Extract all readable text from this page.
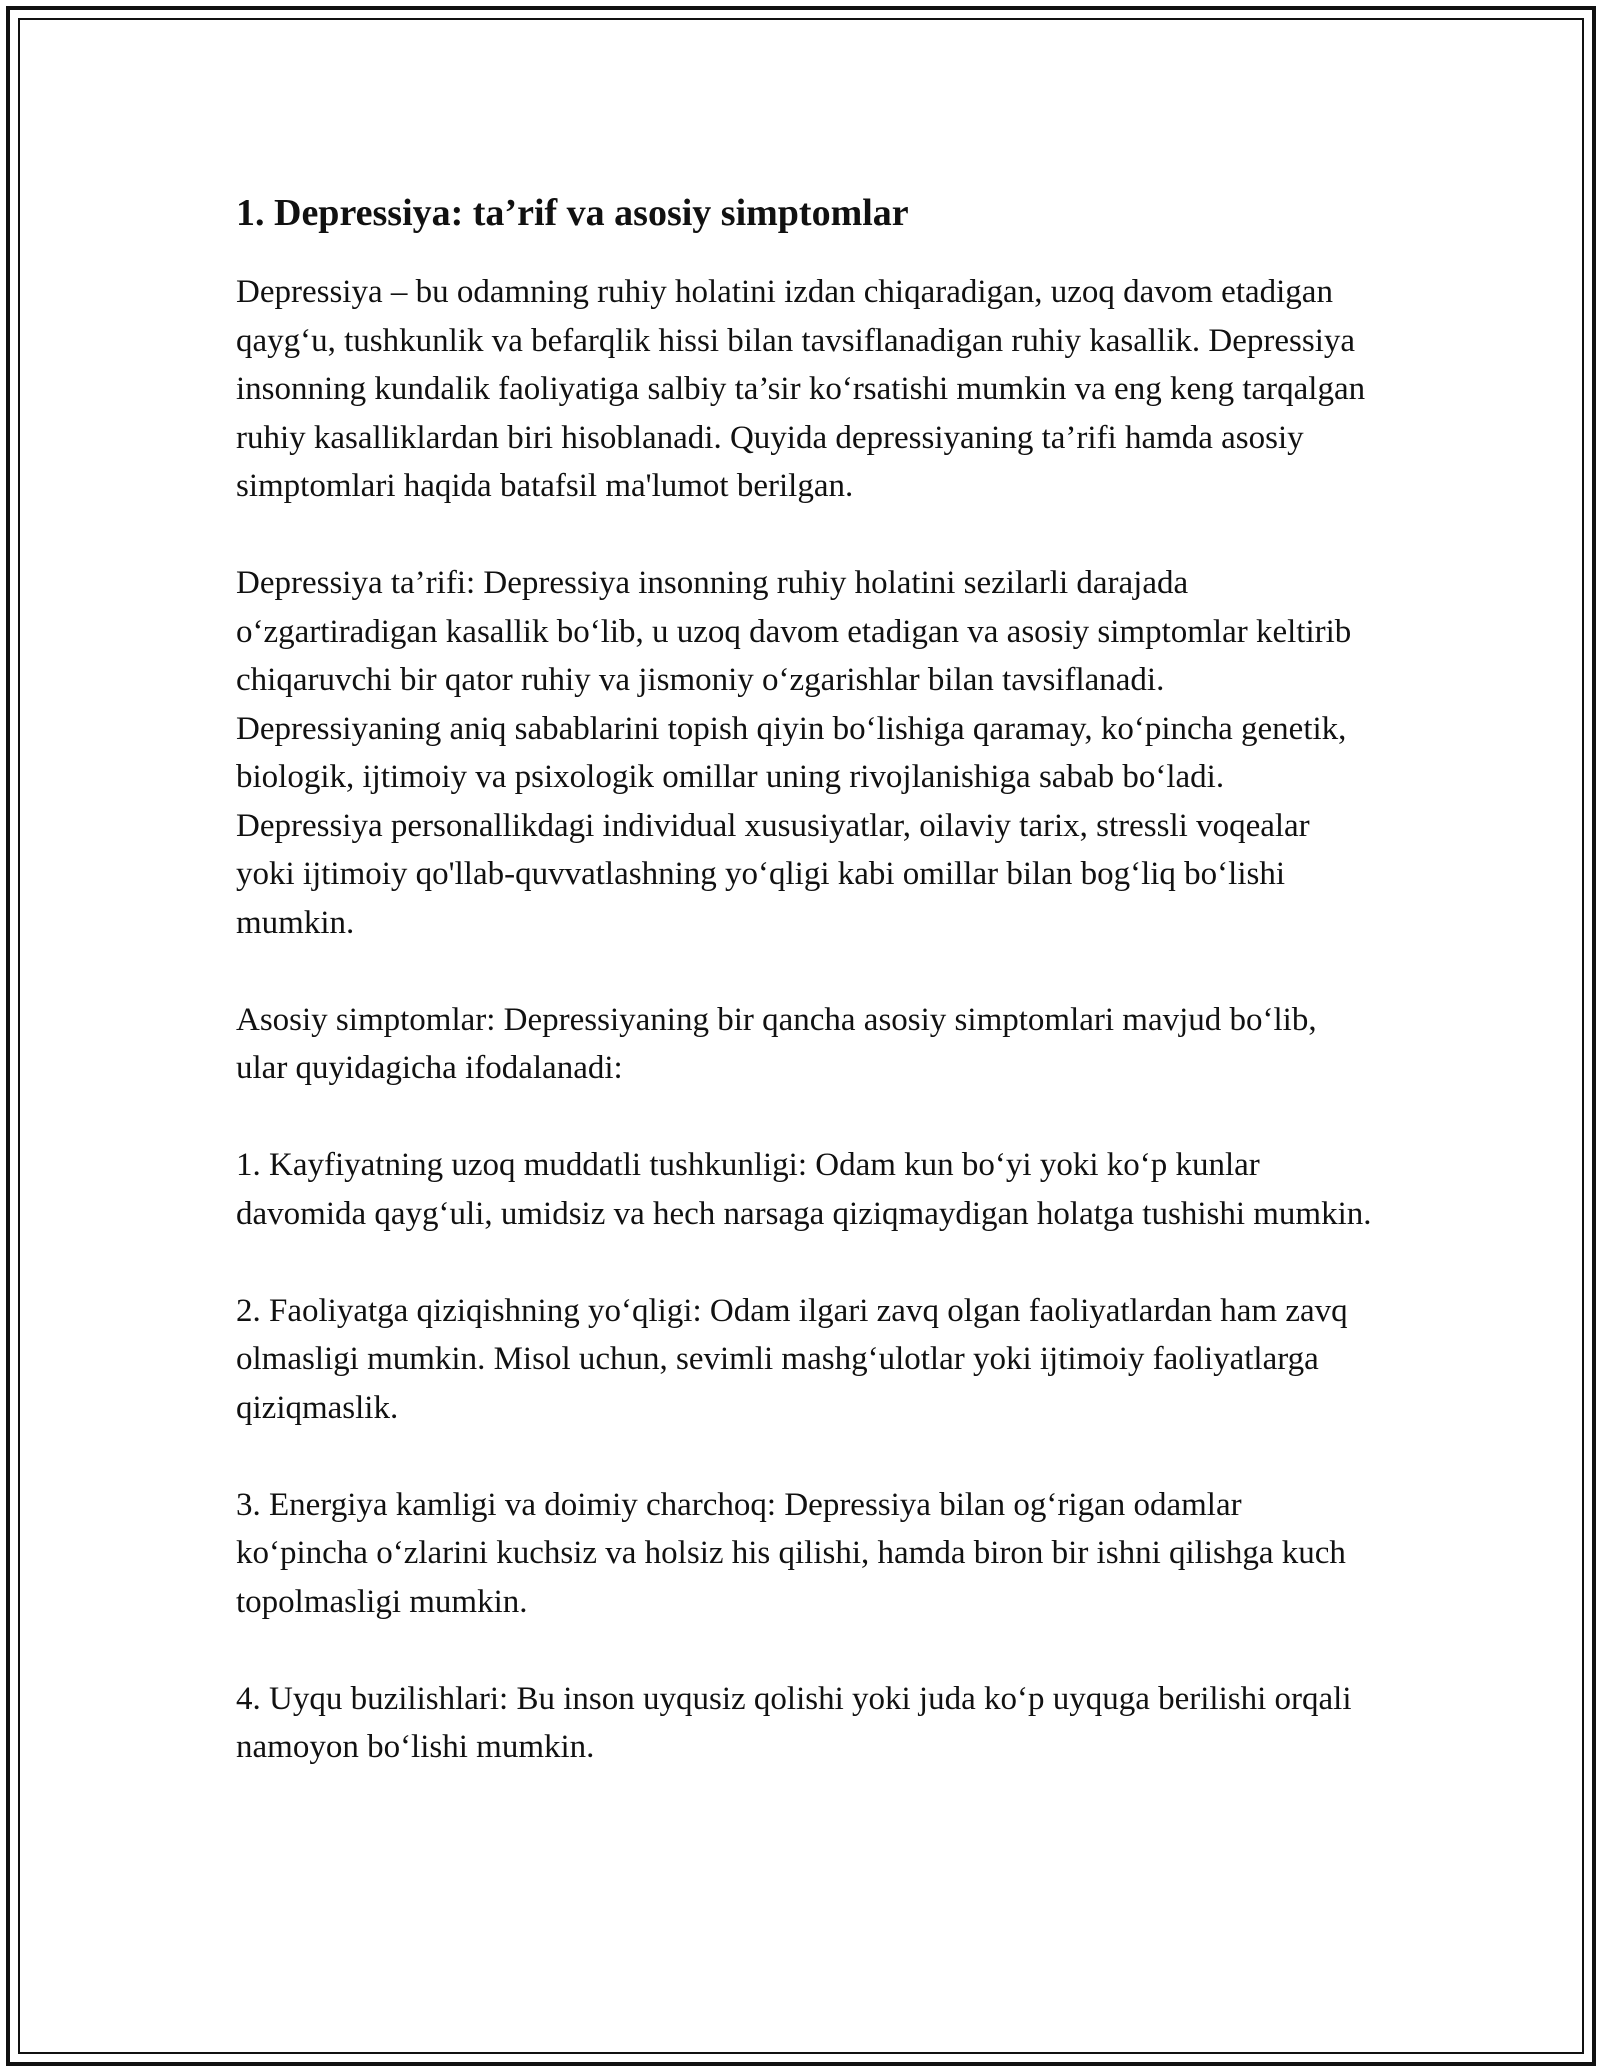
1. Depressiya: ta’rif va asosiy simptomlar

Depressiya – bu odamning ruhiy holatini izdan chiqaradigan, uzoq davom etadigan qayg‘u, tushkunlik va befarqlik hissi bilan tavsiflanadigan ruhiy kasallik. Depressiya insonning kundalik faoliyatiga salbiy ta’sir ko‘rsatishi mumkin va eng keng tarqalgan ruhiy kasalliklardan biri hisoblanadi. Quyida depressiyaning ta’rifi hamda asosiy simptomlari haqida batafsil ma'lumot berilgan.

Depressiya ta’rifi: Depressiya insonning ruhiy holatini sezilarli darajada o‘zgartiradigan kasallik bo‘lib, u uzoq davom etadigan va asosiy simptomlar keltirib chiqaruvchi bir qator ruhiy va jismoniy o‘zgarishlar bilan tavsiflanadi. Depressiyaning aniq sabablarini topish qiyin bo‘lishiga qaramay, ko‘pincha genetik, biologik, ijtimoiy va psixologik omillar uning rivojlanishiga sabab bo‘ladi. Depressiya personallikdagi individual xususiyatlar, oilaviy tarix, stressli voqealar yoki ijtimoiy qo'llab-quvvatlashning yo‘qligi kabi omillar bilan bog‘liq bo‘lishi mumkin.

Asosiy simptomlar: Depressiyaning bir qancha asosiy simptomlari mavjud bo‘lib, ular quyidagicha ifodalanadi:

1. Kayfiyatning uzoq muddatli tushkunligi: Odam kun bo‘yi yoki ko‘p kunlar davomida qayg‘uli, umidsiz va hech narsaga qiziqmaydigan holatga tushishi mumkin.

2. Faoliyatga qiziqishning yo‘qligi: Odam ilgari zavq olgan faoliyatlardan ham zavq olmasligi mumkin. Misol uchun, sevimli mashg‘ulotlar yoki ijtimoiy faoliyatlarga qiziqmaslik.

3. Energiya kamligi va doimiy charchoq: Depressiya bilan og‘rigan odamlar ko‘pincha o‘zlarini kuchsiz va holsiz his qilishi, hamda biron bir ishni qilishga kuch topolmasligi mumkin.

4. Uyqu buzilishlari: Bu inson uyqusiz qolishi yoki juda ko‘p uyquga berilishi orqali namoyon bo‘lishi mumkin.
